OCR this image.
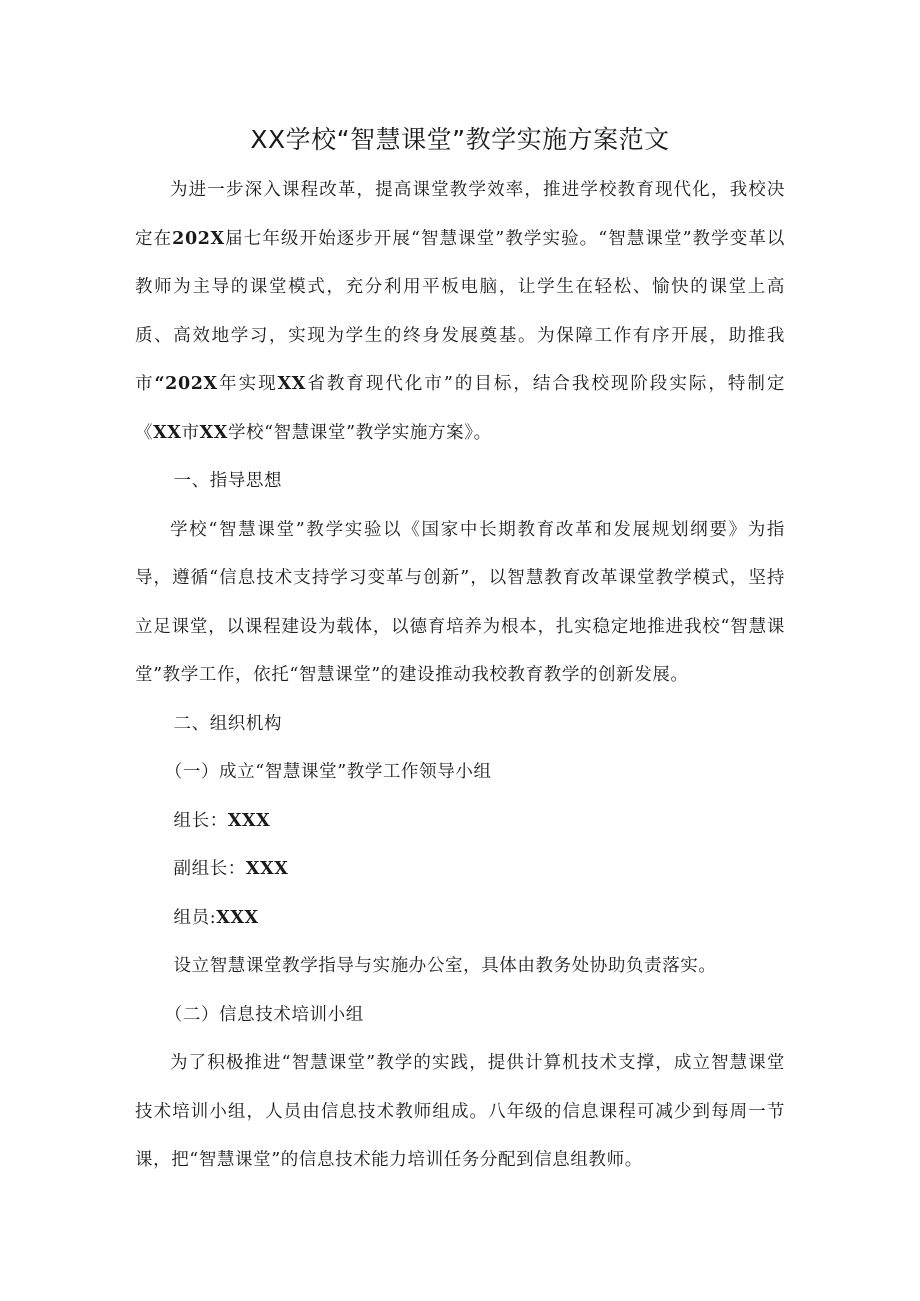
XX学校“智慧课堂”教学实施方案范文

为进一步深入课程改革，提高课堂教学效率，推进学校教育现代化，我校决定在202X届七年级开始逐步开展“智慧课堂”教学实验。“智慧课堂”教学变革以教师为主导的课堂模式，充分利用平板电脑，让学生在轻松、愉快的课堂上高质、高效地学习，实现为学生的终身发展奠基。为保障工作有序开展，助推我市“202X年实现XX省教育现代化市”的目标，结合我校现阶段实际，特制定《XX市XX学校“智慧课堂”教学实施方案》。

一、指导思想

学校“智慧课堂”教学实验以《国家中长期教育改革和发展规划纲要》为指导，遵循“信息技术支持学习变革与创新”，以智慧教育改革课堂教学模式，坚持立足课堂，以课程建设为载体，以德育培养为根本，扎实稳定地推进我校“智慧课堂”教学工作，依托“智慧课堂”的建设推动我校教育教学的创新发展。

二、组织机构

（一）成立“智慧课堂”教学工作领导小组

组长：XXX

副组长：XXX

组员:XXX

设立智慧课堂教学指导与实施办公室，具体由教务处协助负责落实。

（二）信息技术培训小组

为了积极推进“智慧课堂”教学的实践，提供计算机技术支撑，成立智慧课堂技术培训小组，人员由信息技术教师组成。八年级的信息课程可减少到每周一节课，把“智慧课堂”的信息技术能力培训任务分配到信息组教师。
